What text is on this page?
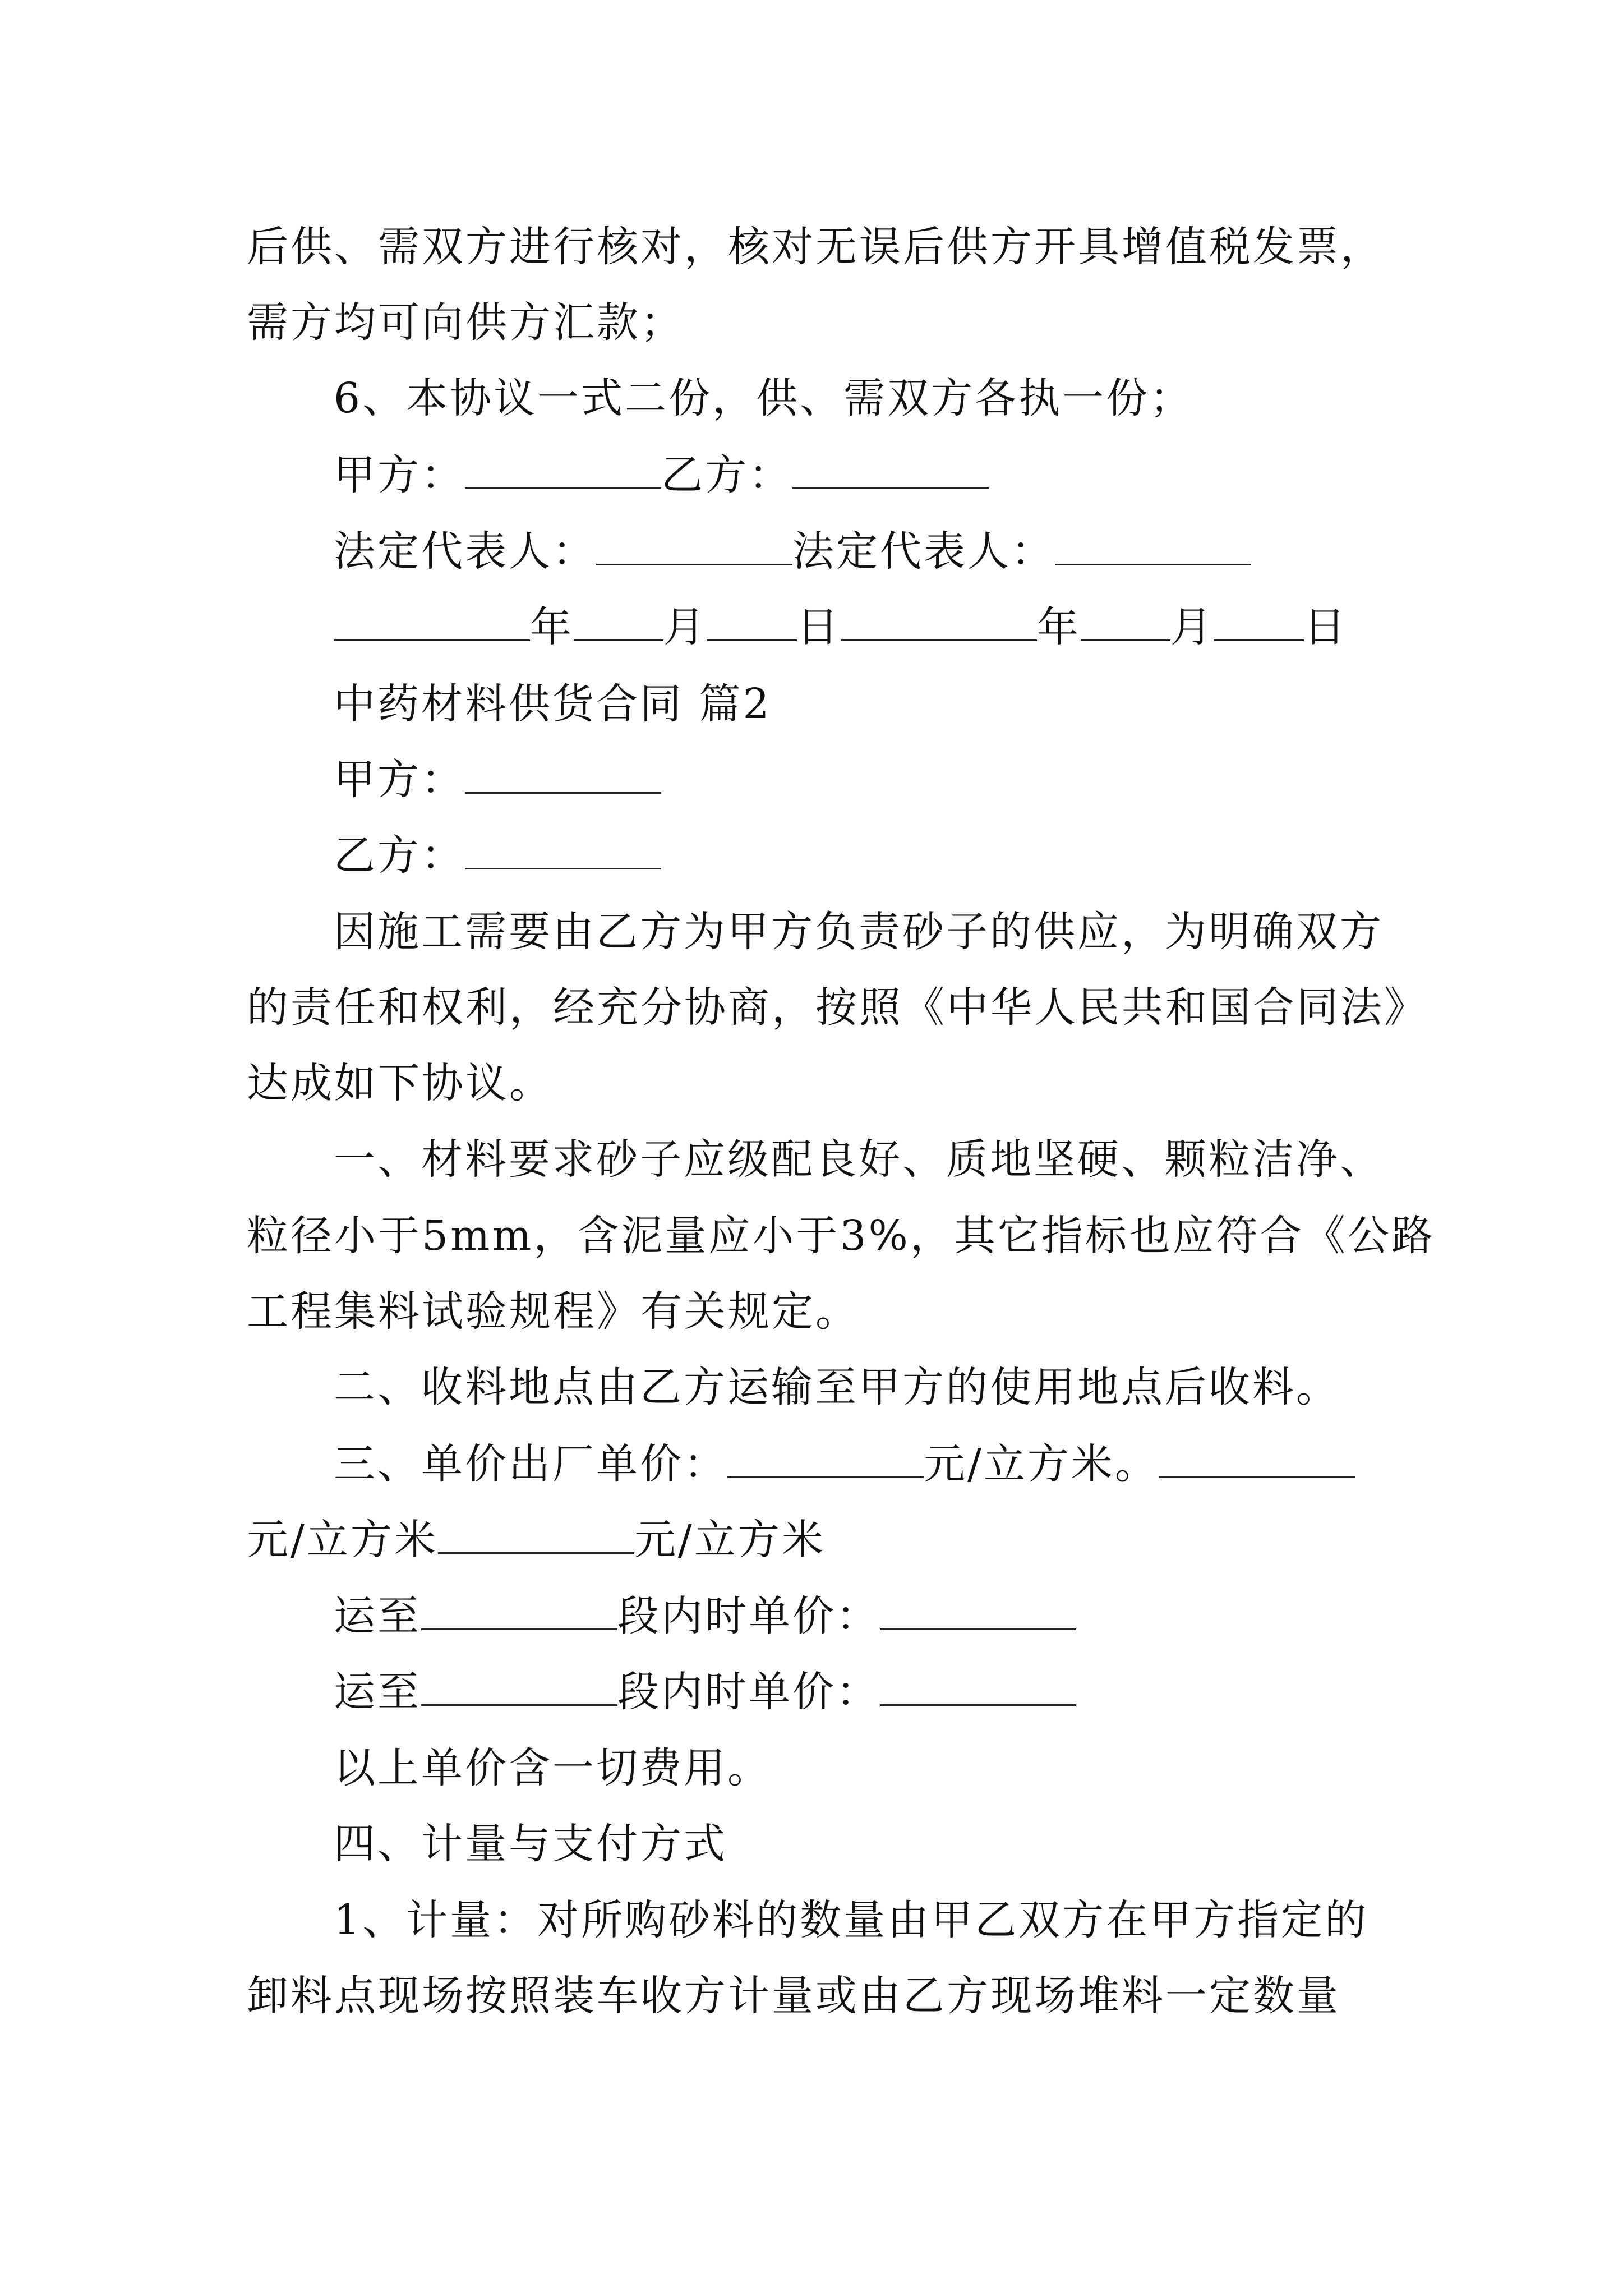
后供、需双方进行核对，核对无误后供方开具增值税发票，
需方均可向供方汇款；
6、本协议一式二份，供、需双方各执一份；
甲方：	乙方：
法定代表人：	法定代表人：
年 月 日	年 月 日
中药材料供货合同 篇2
甲方：
乙方：
因施工需要由乙方为甲方负责砂子的供应，为明确双方
的责任和权利，经充分协商，按照《中华人民共和国合同法》
达成如下协议。
一、材料要求砂子应级配良好、质地坚硬、颗粒洁净、
粒径小于5mm，含泥量应小于3%，其它指标也应符合《公路
工程集料试验规程》有关规定。
二、收料地点由乙方运输至甲方的使用地点后收料。
三、单价出厂单价：	元/立方米。
元/立方米	元/立方米
运至	段内时单价：
运至	段内时单价：
以上单价含一切费用。
四、计量与支付方式
1、计量：对所购砂料的数量由甲乙双方在甲方指定的
卸料点现场按照装车收方计量或由乙方现场堆料一定数量
